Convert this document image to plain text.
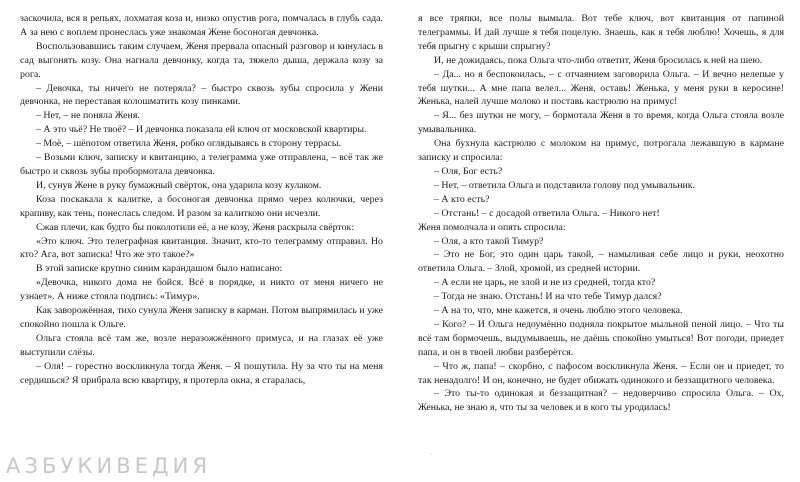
заскочила, вся в репьях, лохматая коза и, низко опустив рога, помчалась в глубь сада. А за нею с воплем пронеслась уже знакомая Жене босоногая девчонка.

Воспользовавшись таким случаем, Женя прервала опасный разговор и кинулась в сад выгонять козу. Она нагнала девчонку, когда та, тяжело дыша, держала козу за рога.

– Девочка, ты ничего не потеряла? – быстро сквозь зубы спросила у Жени девчонка, не переставая колошматить козу пинками.

– Нет, – не поняла Женя.

– А это чьё? Не твоё? – И девчонка показала ей ключ от московской квартиры.

– Моё, – шёпотом ответила Женя, робко оглядываясь в сторону террасы.

– Возьми ключ, записку и квитанцию, а телеграмма уже отправлена, – всё так же быстро и сквозь зубы пробормотала девчонка.

И, сунув Жене в руку бумажный свёрток, она ударила козу кулаком.

Коза поскакала к калитке, а босоногая девчонка прямо через колючки, через крапиву, как тень, понеслась следом. И разом за калиткою они исчезли.

Сжав плечи, как будто бы поколотили её, а не козу, Женя раскрыла свёрток:

«Это ключ. Это телеграфная квитанция. Значит, кто-то телеграмму отправил. Но кто? Ага, вот записка! Что же это такое?»

В этой записке крупно синим карандашом было написано:

«Девочка, никого дома не бойся. Всё в порядке, и никто от меня ничего не узнает». А ниже стояла подпись: «Тимур».

Как заворожённая, тихо сунула Женя записку в карман. Потом выпрямилась и уже спокойно пошла к Ольге.

Ольга стояла всё там же, возле неразожжённого примуса, и на глазах её уже выступили слёзы.

– Оля! – горестно воскликнула тогда Женя. – Я пошутила. Ну за что ты на меня сердишься? Я прибрала всю квартиру, я протерла окна, я старалась,

я все тряпки, все полы вымыла. Вот тебе ключ, вот квитанция от папиной телеграммы. И дай лучше я тебя поцелую. Знаешь, как я тебя люблю! Хочешь, я для тебя прыгну с крыши спрыгну?

И, не дожидаясь, пока Ольга что-либо ответит, Женя бросилась к ней на шею.

– Да... но я беспокоилась, – с отчаянием заговорила Ольга. – И вечно нелепые у тебя шутки... А мне папа велел... Женя, оставь! Женька, у меня руки в керосине! Женька, налей лучше молоко и поставь кастрюлю на примус!

– Я... без шутки не могу, – бормотала Женя в то время, когда Ольга стояла возле умывальника.

Она бухнула кастрюлю с молоком на примус, потрогала лежавшую в кармане записку и спросила:

– Оля, Бог есть?

– Нет, – ответила Ольга и подставила голову под умывальник.

– А кто есть?

– Отстань! – с досадой ответила Ольга. – Никого нет!

Женя помолчала и опять спросила:

– Оля, а кто такой Тимур?

– Это не Бог, это один царь такой, – намыливая себе лицо и руки, неохотно ответила Ольга. – Злой, хромой, из средней истории.

– А если не царь, не злой и не из средней, тогда кто?

– Тогда не знаю. Отстань! И на что тебе Тимур дался?

– А на то, что, мне кажется, я очень люблю этого человека.

– Кого? – И Ольга недоумённо подняла покрытое мыльной пеной лицо. – Что ты всё там бормочешь, выдумываешь, не даёшь спокойно умыться! Вот погоди, приедет папа, и он в твоей любви разберётся.

– Что ж, папа! – скорбно, с пафосом воскликнула Женя. – Если он и приедет, то так ненадолго! И он, конечно, не будет обижать одинокого и беззащитного человека.

– Это ты-то одинокая и беззащитная? – недоверчиво спросила Ольга. – Ох, Женька, не знаю я, что ты за человек и в кого ты уродилась!

·
АЗБУКИВЕДИЯ
